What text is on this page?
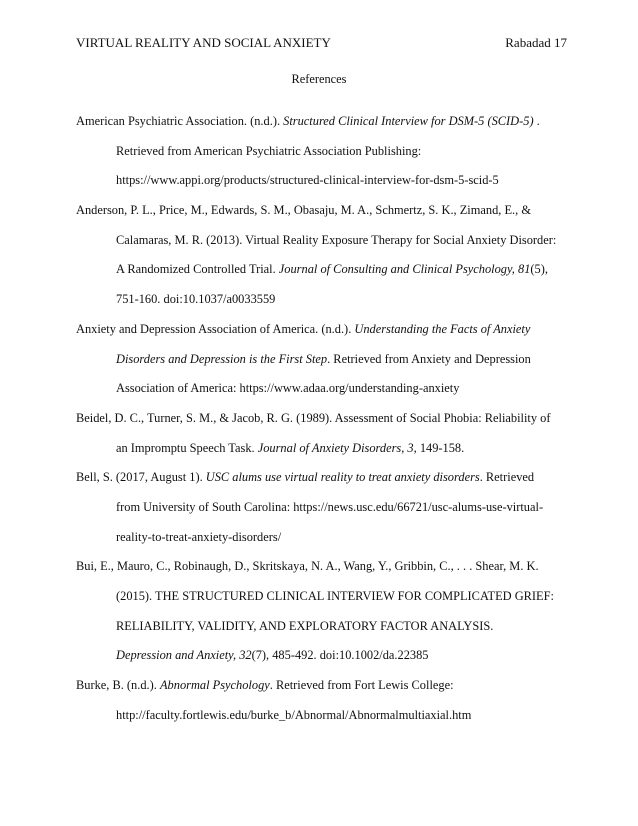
VIRTUAL REALITY AND SOCIAL ANXIETY	Rabadad 17
References
American Psychiatric Association. (n.d.). Structured Clinical Interview for DSM-5 (SCID-5) .
Retrieved from American Psychiatric Association Publishing:
https://www.appi.org/products/structured-clinical-interview-for-dsm-5-scid-5
Anderson, P. L., Price, M., Edwards, S. M., Obasaju, M. A., Schmertz, S. K., Zimand, E., &
Calamaras, M. R. (2013). Virtual Reality Exposure Therapy for Social Anxiety Disorder:
A Randomized Controlled Trial. Journal of Consulting and Clinical Psychology, 81(5),
751-160. doi:10.1037/a0033559
Anxiety and Depression Association of America. (n.d.). Understanding the Facts of Anxiety
Disorders and Depression is the First Step. Retrieved from Anxiety and Depression
Association of America: https://www.adaa.org/understanding-anxiety
Beidel, D. C., Turner, S. M., & Jacob, R. G. (1989). Assessment of Social Phobia: Reliability of
an Impromptu Speech Task. Journal of Anxiety Disorders, 3, 149-158.
Bell, S. (2017, August 1). USC alums use virtual reality to treat anxiety disorders. Retrieved
from University of South Carolina: https://news.usc.edu/66721/usc-alums-use-virtual-
reality-to-treat-anxiety-disorders/
Bui, E., Mauro, C., Robinaugh, D., Skritskaya, N. A., Wang, Y., Gribbin, C., . . . Shear, M. K.
(2015). THE STRUCTURED CLINICAL INTERVIEW FOR COMPLICATED GRIEF:
RELIABILITY, VALIDITY, AND EXPLORATORY FACTOR ANALYSIS.
Depression and Anxiety, 32(7), 485-492. doi:10.1002/da.22385
Burke, B. (n.d.). Abnormal Psychology. Retrieved from Fort Lewis College:
http://faculty.fortlewis.edu/burke_b/Abnormal/Abnormalmultiaxial.htm
